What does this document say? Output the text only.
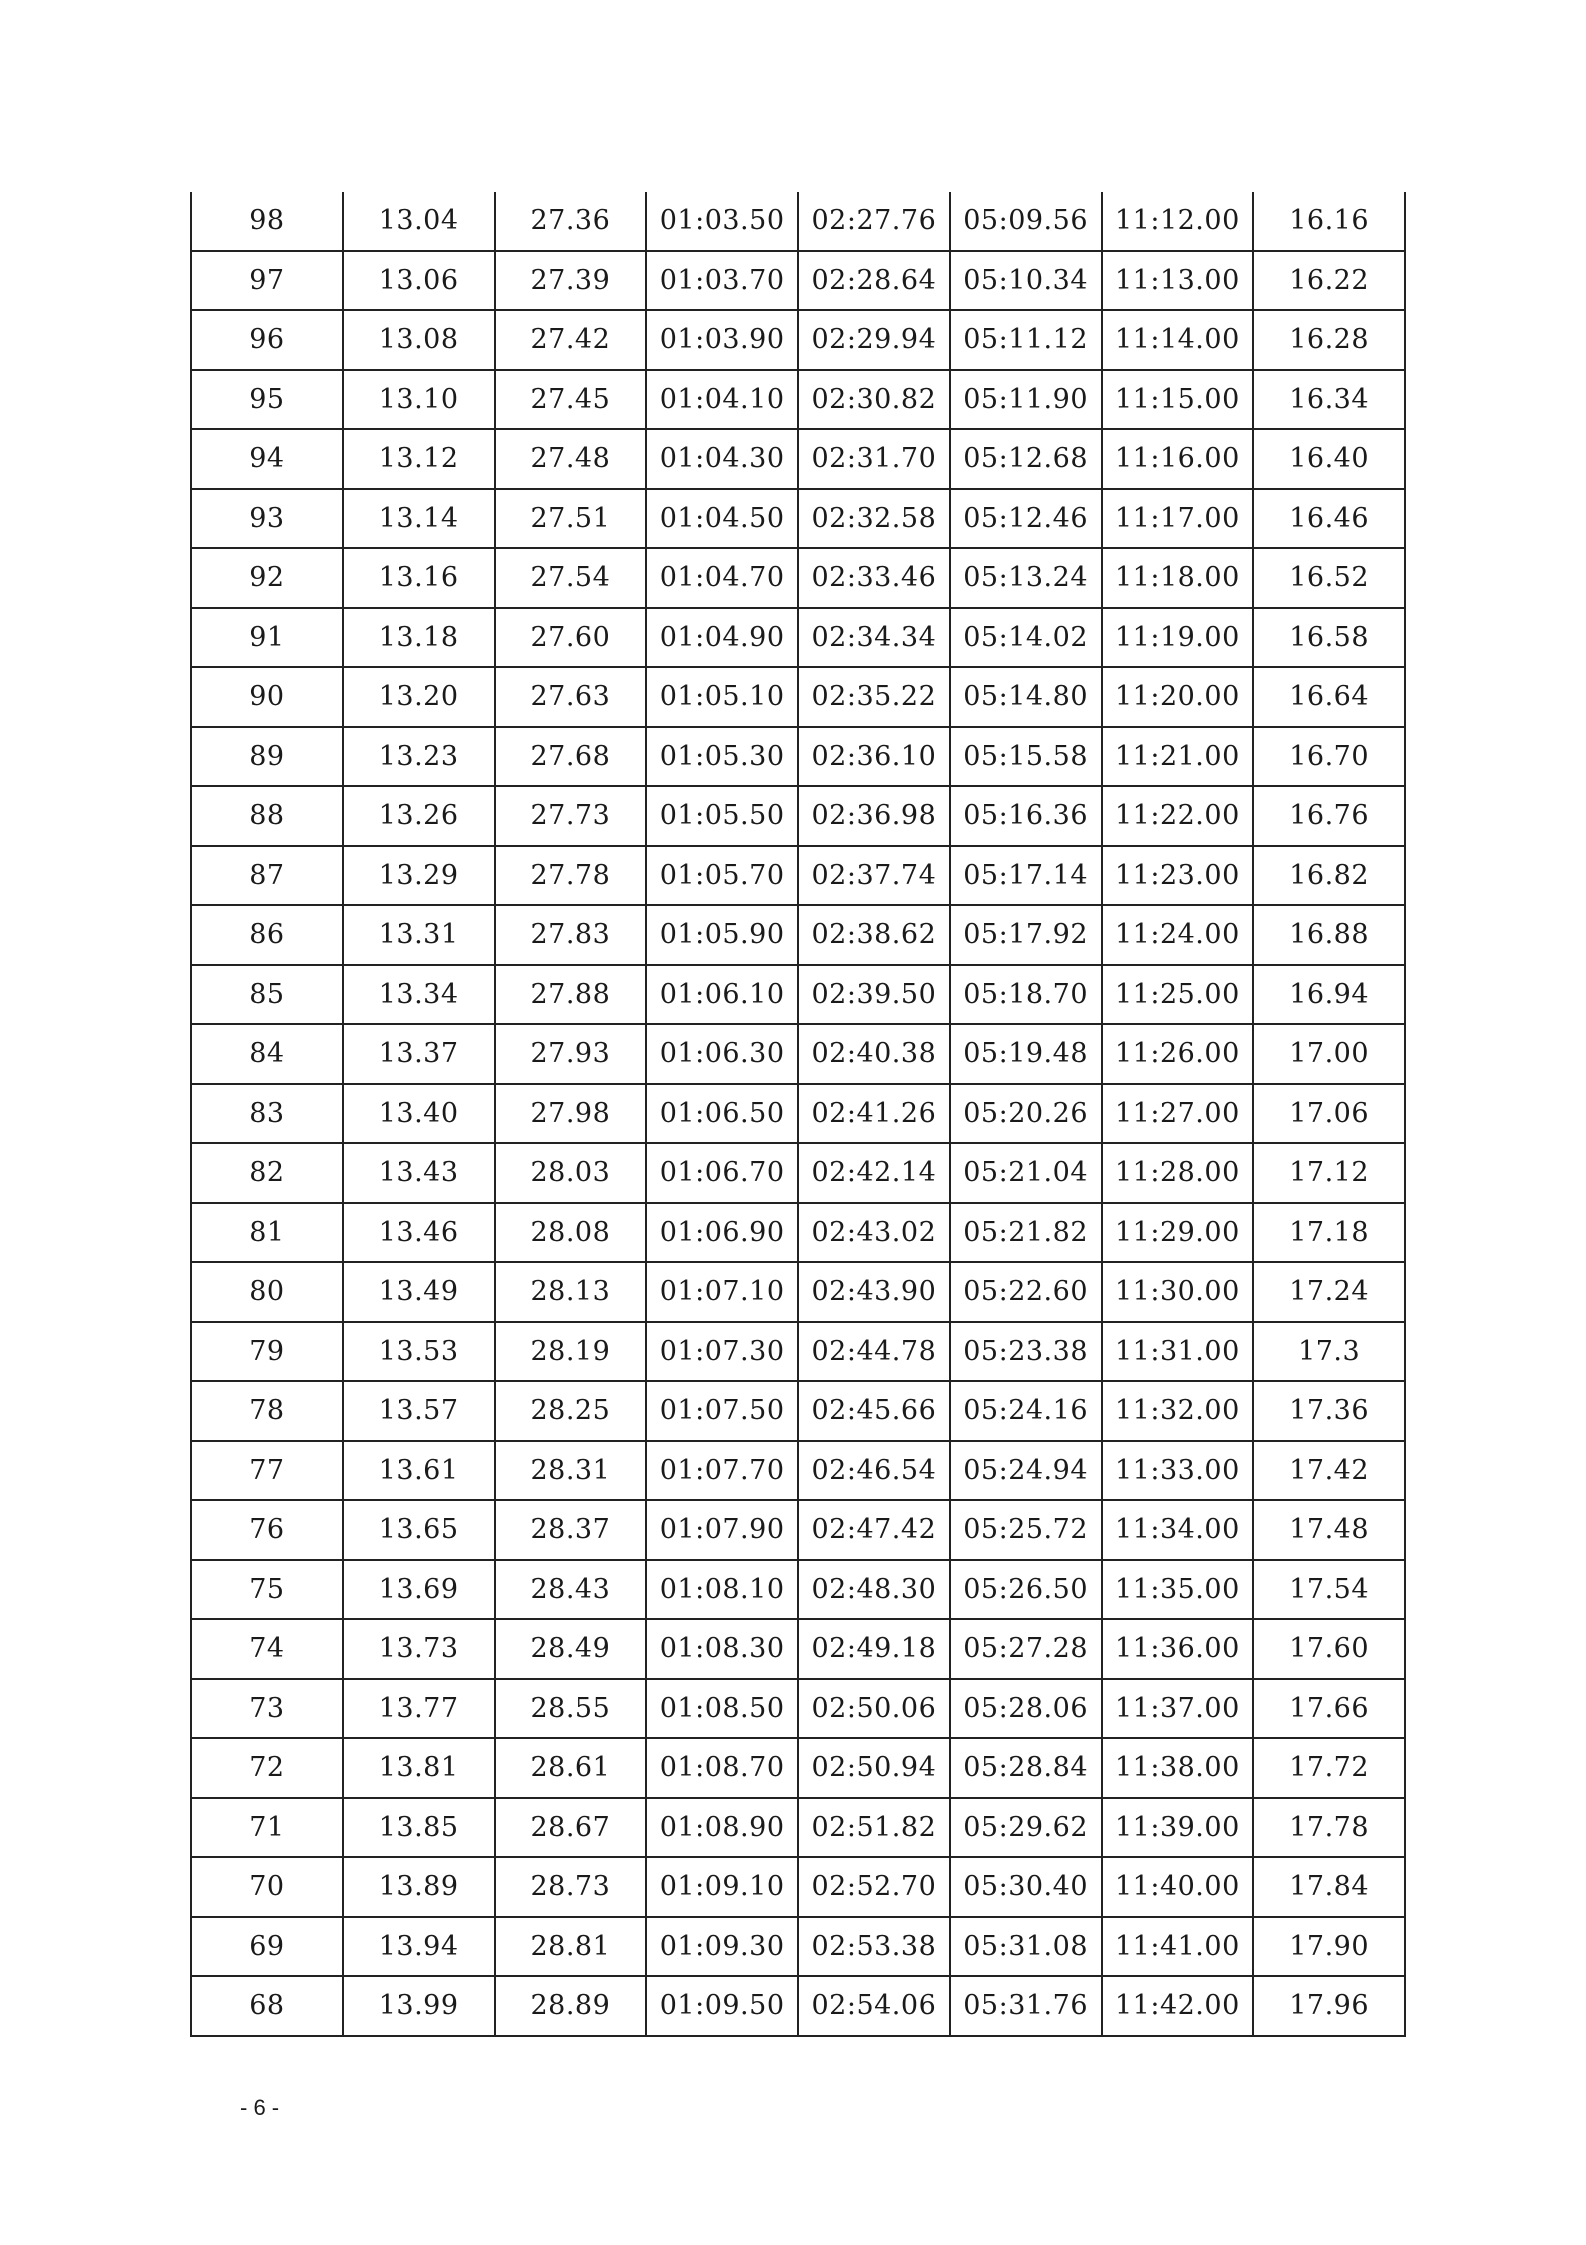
98	13.04	27.36	01:03.50	02:27.76	05:09.56	11:12.00	16.16
97	13.06	27.39	01:03.70	02:28.64	05:10.34	11:13.00	16.22
96	13.08	27.42	01:03.90	02:29.94	05:11.12	11:14.00	16.28
95	13.10	27.45	01:04.10	02:30.82	05:11.90	11:15.00	16.34
94	13.12	27.48	01:04.30	02:31.70	05:12.68	11:16.00	16.40
93	13.14	27.51	01:04.50	02:32.58	05:12.46	11:17.00	16.46
92	13.16	27.54	01:04.70	02:33.46	05:13.24	11:18.00	16.52
91	13.18	27.60	01:04.90	02:34.34	05:14.02	11:19.00	16.58
90	13.20	27.63	01:05.10	02:35.22	05:14.80	11:20.00	16.64
89	13.23	27.68	01:05.30	02:36.10	05:15.58	11:21.00	16.70
88	13.26	27.73	01:05.50	02:36.98	05:16.36	11:22.00	16.76
87	13.29	27.78	01:05.70	02:37.74	05:17.14	11:23.00	16.82
86	13.31	27.83	01:05.90	02:38.62	05:17.92	11:24.00	16.88
85	13.34	27.88	01:06.10	02:39.50	05:18.70	11:25.00	16.94
84	13.37	27.93	01:06.30	02:40.38	05:19.48	11:26.00	17.00
83	13.40	27.98	01:06.50	02:41.26	05:20.26	11:27.00	17.06
82	13.43	28.03	01:06.70	02:42.14	05:21.04	11:28.00	17.12
81	13.46	28.08	01:06.90	02:43.02	05:21.82	11:29.00	17.18
80	13.49	28.13	01:07.10	02:43.90	05:22.60	11:30.00	17.24
79	13.53	28.19	01:07.30	02:44.78	05:23.38	11:31.00	17.3
78	13.57	28.25	01:07.50	02:45.66	05:24.16	11:32.00	17.36
77	13.61	28.31	01:07.70	02:46.54	05:24.94	11:33.00	17.42
76	13.65	28.37	01:07.90	02:47.42	05:25.72	11:34.00	17.48
75	13.69	28.43	01:08.10	02:48.30	05:26.50	11:35.00	17.54
74	13.73	28.49	01:08.30	02:49.18	05:27.28	11:36.00	17.60
73	13.77	28.55	01:08.50	02:50.06	05:28.06	11:37.00	17.66
72	13.81	28.61	01:08.70	02:50.94	05:28.84	11:38.00	17.72
71	13.85	28.67	01:08.90	02:51.82	05:29.62	11:39.00	17.78
70	13.89	28.73	01:09.10	02:52.70	05:30.40	11:40.00	17.84
69	13.94	28.81	01:09.30	02:53.38	05:31.08	11:41.00	17.90
68	13.99	28.89	01:09.50	02:54.06	05:31.76	11:42.00	17.96
- 6 -
